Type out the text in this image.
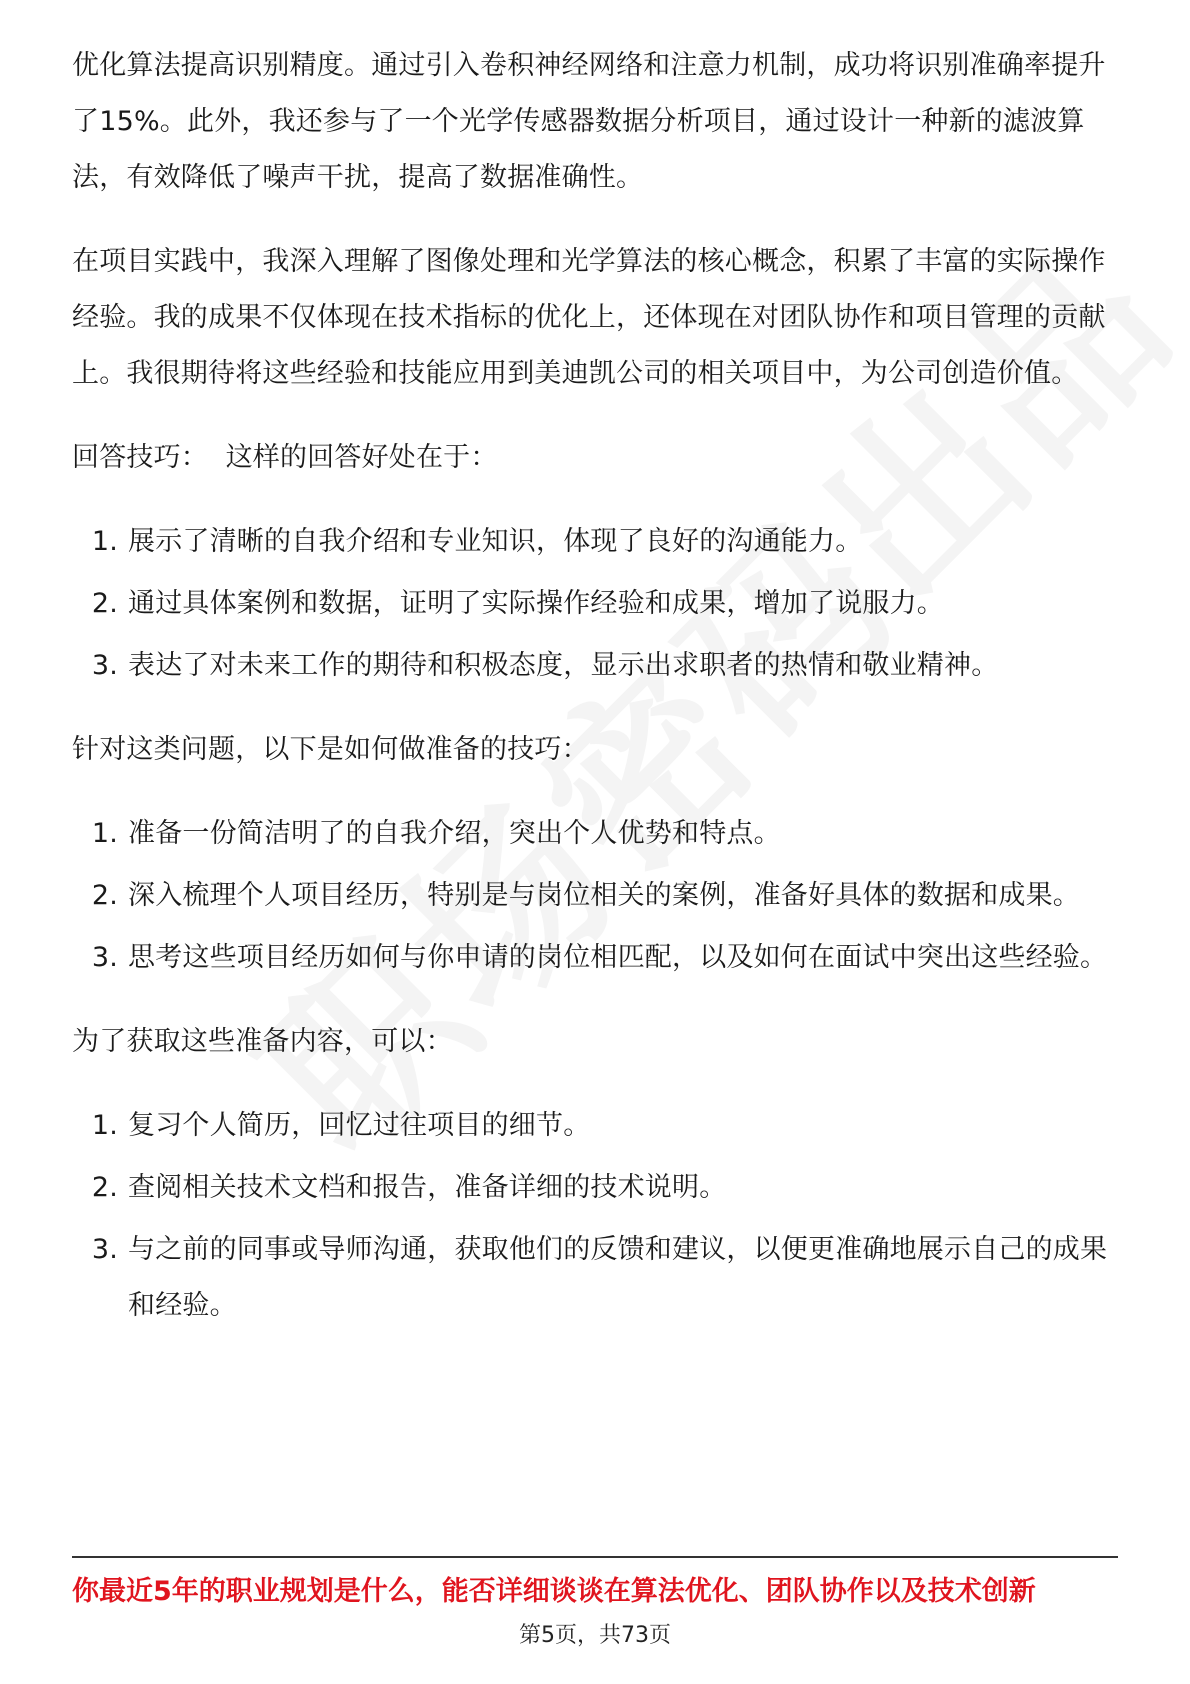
优化算法提高识别精度。通过引入卷积神经网络和注意力机制，成功将识别准确率提升了15%。此外，我还参与了一个光学传感器数据分析项目，通过设计一种新的滤波算法，有效降低了噪声干扰，提高了数据准确性。

在项目实践中，我深入理解了图像处理和光学算法的核心概念，积累了丰富的实际操作经验。我的成果不仅体现在技术指标的优化上，还体现在对团队协作和项目管理的贡献上。我很期待将这些经验和技能应用到美迪凯公司的相关项目中，为公司创造价值。

回答技巧：  这样的回答好处在于：

1. 展示了清晰的自我介绍和专业知识，体现了良好的沟通能力。
2. 通过具体案例和数据，证明了实际操作经验和成果，增加了说服力。
3. 表达了对未来工作的期待和积极态度，显示出求职者的热情和敬业精神。

针对这类问题，以下是如何做准备的技巧：

1. 准备一份简洁明了的自我介绍，突出个人优势和特点。
2. 深入梳理个人项目经历，特别是与岗位相关的案例，准备好具体的数据和成果。
3. 思考这些项目经历如何与你申请的岗位相匹配，以及如何在面试中突出这些经验。

为了获取这些准备内容，可以：

1. 复习个人简历，回忆过往项目的细节。
2. 查阅相关技术文档和报告，准备详细的技术说明。
3. 与之前的同事或导师沟通，获取他们的反馈和建议，以便更准确地展示自己的成果和经验。
你最近5年的职业规划是什么，能否详细谈谈在算法优化、团队协作以及技术创新
第5页，共73页
